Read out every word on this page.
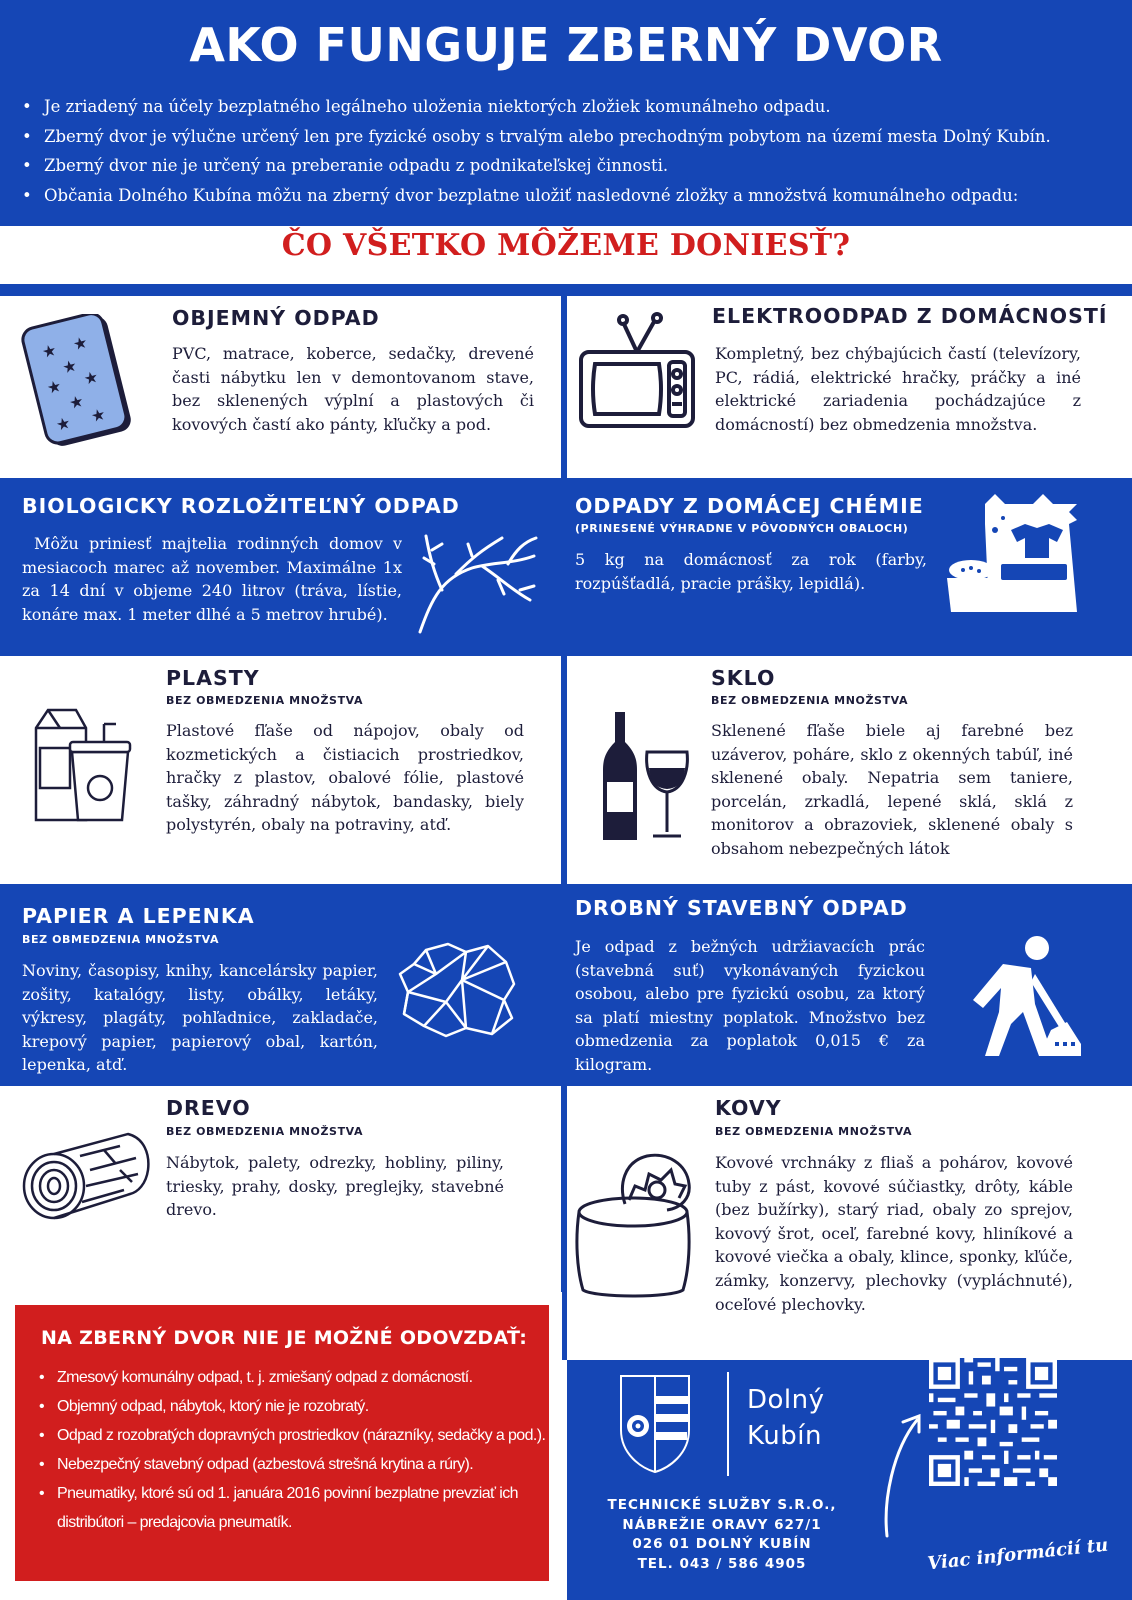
AKO FUNGUJE ZBERNÝ DVOR
• Je zriadený na účely bezplatného legálneho uloženia niektorých zložiek komunálneho odpadu.
• Zberný dvor je výlučne určený len pre fyzické osoby s trvalým alebo prechodným pobytom na území mesta Dolný Kubín.
• Zberný dvor nie je určený na preberanie odpadu z podnikateľskej činnosti.
• Občania Dolného Kubína môžu na zberný dvor bezplatne uložiť nasledovné zložky a množstvá komunálneho odpadu:
ČO VŠETKO MÔŽEME DONIESŤ?
★ ★
★
★ ★
★
★ ★
OBJEMNÝ ODPAD

PVC, matrace, koberce, sedačky, drevené časti nábytku len v demontovanom stave, bez sklenených výplní a plastových či kovových častí ako pánty, kľučky a pod.

ELEKTROODPAD Z DOMÁCNOSTÍ

Kompletný, bez chýbajúcich častí (televízory, PC, rádiá, elektrické hračky, práčky a iné elektrické zariadenia pochádzajúce z domácností) bez obmedzenia množstva.

BIOLOGICKY ROZLOŽITEĽNÝ ODPAD

Môžu priniesť majtelia rodinných domov v mesiacoch marec až november. Maximálne 1x za 14 dní v objeme 240 litrov (tráva, lístie, konáre max. 1 meter dlhé a 5 metrov hrubé).

ODPADY Z DOMÁCEJ CHÉMIE
(PRINESENÉ VÝHRADNE V PÔVODNÝCH OBALOCH)

5 kg na domácnosť za rok (farby, rozpúšťadlá, pracie prášky, lepidlá).

PLASTY
BEZ OBMEDZENIA MNOŽSTVA

Plastové fľaše od nápojov, obaly od kozmetických a čistiacich prostriedkov, hračky z plastov, obalové fólie, plastové tašky, záhradný nábytok, bandasky, biely polystyrén, obaly na potraviny, atď.

SKLO
BEZ OBMEDZENIA MNOŽSTVA

Sklenené fľaše biele aj farebné bez uzáverov, poháre, sklo z okenných tabúľ, iné sklenené obaly. Nepatria sem taniere, porcelán, zrkadlá, lepené sklá, sklá z monitorov a obrazoviek, sklenené obaly s obsahom nebezpečných látok

PAPIER A LEPENKA
BEZ OBMEDZENIA MNOŽSTVA

Noviny, časopisy, knihy, kancelársky papier, zošity, katalógy, listy, obálky, letáky, výkresy, plagáty, pohľadnice, zakladače, krepový papier, papierový obal, kartón, lepenka, atď.

DROBNÝ STAVEBNÝ ODPAD

Je odpad z bežných udržiavacích prác (stavebná suť) vykonávaných fyzickou osobou, alebo pre fyzickú osobu, za ktorý sa platí miestny poplatok. Množstvo bez obmedzenia za poplatok 0,015 € za kilogram.

DREVO
BEZ OBMEDZENIA MNOŽSTVA

Nábytok, palety, odrezky, hobliny, piliny, triesky, prahy, dosky, preglejky, stavebné drevo.

KOVY
BEZ OBMEDZENIA MNOŽSTVA

Kovové vrchnáky z fliaš a pohárov, kovové tuby z pást, kovové súčiastky, drôty, káble (bez bužírky), starý riad, obaly zo sprejov, kovový šrot, oceľ, farebné kovy, hliníkové a kovové viečka a obaly, klince, sponky, kľúče, zámky, konzervy, plechovky (vypláchnuté), oceľové plechovky.

NA ZBERNÝ DVOR NIE JE MOŽNÉ ODOVZDAŤ:
• Zmesový komunálny odpad, t. j. zmiešaný odpad z domácností.
• Objemný odpad, nábytok, ktorý nie je rozobratý.
• Odpad z rozobratých dopravných prostriedkov (nárazníky, sedačky a pod.).
• Nebezpečný stavebný odpad (azbestová strešná krytina a rúry).
• Pneumatiky, ktoré sú od 1. januára 2016 povinní bezplatne prevziať ich distribútori – predajcovia pneumatík.
Dolný
Kubín
TECHNICKÉ SLUŽBY S.R.O.,
NÁBREŽIE ORAVY 627/1
026 01 DOLNÝ KUBÍN
TEL. 043 / 586 4905	Viac informácií tu
